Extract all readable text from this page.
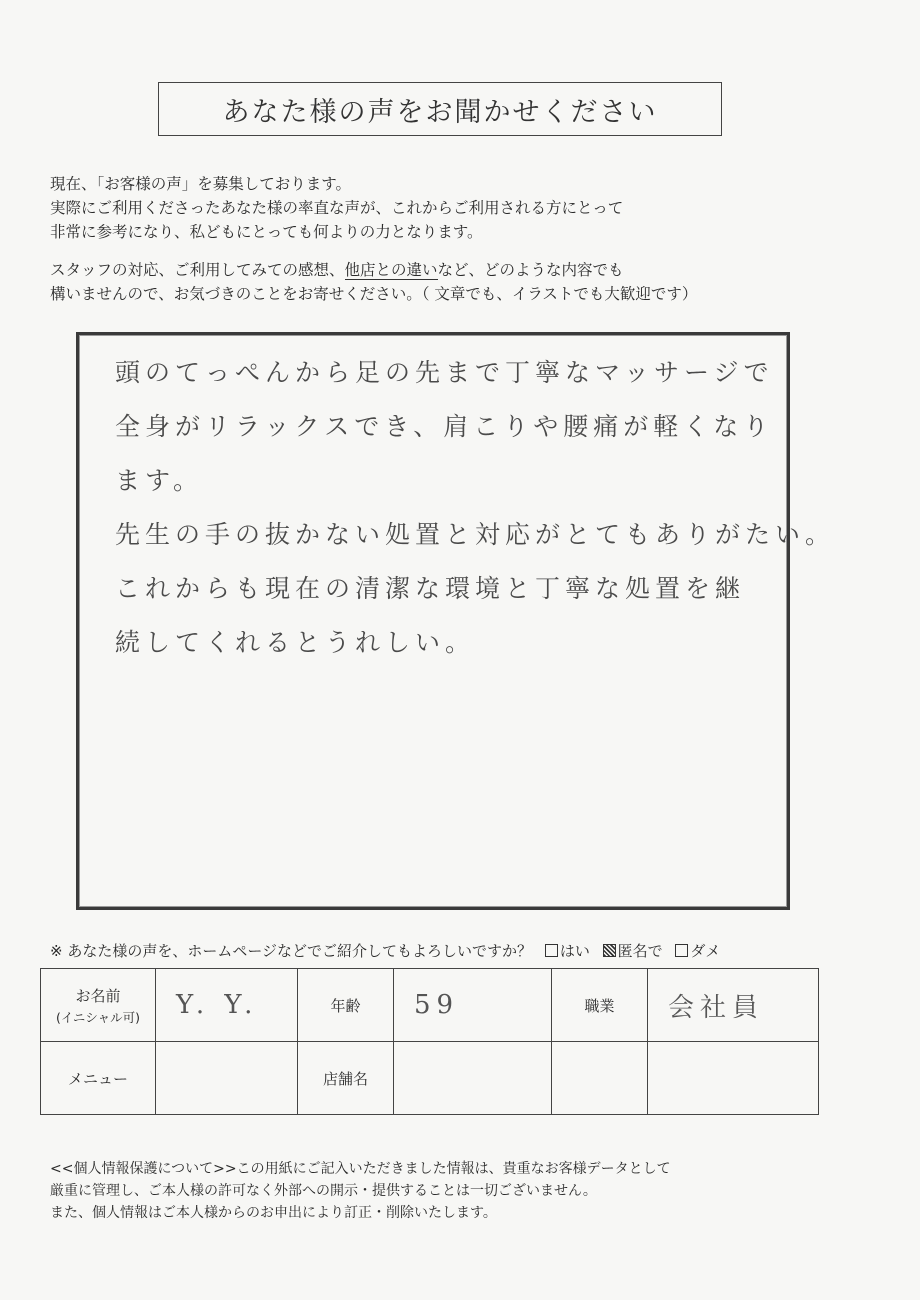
あなた様の声をお聞かせください

現在、「お客様の声」を募集しております。

実際にご利用くださったあなた様の率直な声が、これからご利用される方にとって

非常に参考になり、私どもにとっても何よりの力となります。

スタッフの対応、ご利用してみての感想、他店との違いなど、どのような内容でも

構いませんので、お気づきのことをお寄せください。（ 文章でも、イラストでも大歓迎です）

頭のてっぺんから足の先まで丁寧なマッサージで

全身がリラックスでき、肩こりや腰痛が軽くなり

ます。

先生の手の抜かない処置と対応がとてもありがたい。

これからも現在の清潔な環境と丁寧な処置を継

続してくれるとうれしい。

※ あなた様の声を、ホームページなどでご紹介してもよろしいですか？ はい 匿名で ダメ
お名前
(イニシャル可)	Y. Y.	年齢	59	職業	会社員
メニュー		店舗名			

<<個人情報保護について>>この用紙にご記入いただきました情報は、貴重なお客様データとして

厳重に管理し、ご本人様の許可なく外部への開示・提供することは一切ございません。

また、個人情報はご本人様からのお申出により訂正・削除いたします。
